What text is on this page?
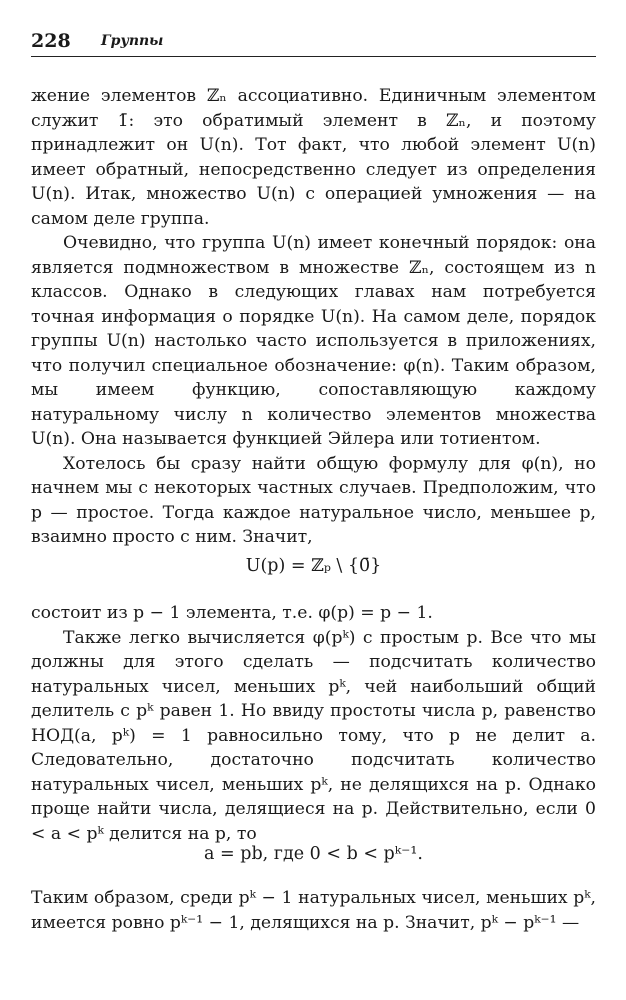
228 Группы

жение элементов ℤₙ ассоциативно. Единичным элементом служит 1̄: это обратимый элемент в ℤₙ, и поэтому принадлежит он U(n). Тот факт, что любой элемент U(n) имеет обратный, непосредственно следует из определения U(n). Итак, множество U(n) с операцией умножения — на самом деле группа.

Очевидно, что группа U(n) имеет конечный порядок: она является подмножеством в множестве ℤₙ, состоящем из n классов. Однако в следующих главах нам потребуется точная информация о порядке U(n). На самом деле, порядок группы U(n) настолько часто используется в приложениях, что получил специальное обозначение: φ(n). Таким образом, мы имеем функцию, сопоставляющую каждому натуральному числу n количество элементов множества U(n). Она называется функцией Эйлера или тотиентом.

Хотелось бы сразу найти общую формулу для φ(n), но начнем мы с некоторых частных случаев. Предположим, что p — простое. Тогда каждое натуральное число, меньшее p, взаимно просто с ним. Значит,

U(p) = ℤₚ \ {0̄}

состоит из p − 1 элемента, т.е. φ(p) = p − 1.

Также легко вычисляется φ(pᵏ) с простым p. Все что мы должны для этого сделать — подсчитать количество натуральных чисел, меньших pᵏ, чей наибольший общий делитель с pᵏ равен 1. Но ввиду простоты числа p, равенство НОД(a, pᵏ) = 1 равносильно тому, что p не делит a. Следовательно, достаточно подсчитать количество натуральных чисел, меньших pᵏ, не делящихся на p. Однако проще найти числа, делящиеся на p. Действительно, если 0 < a < pᵏ делится на p, то

a = pb, где 0 < b < pᵏ⁻¹.

Таким образом, среди pᵏ − 1 натуральных чисел, меньших pᵏ, имеется ровно pᵏ⁻¹ − 1, делящихся на p. Значит, pᵏ − pᵏ⁻¹ —
